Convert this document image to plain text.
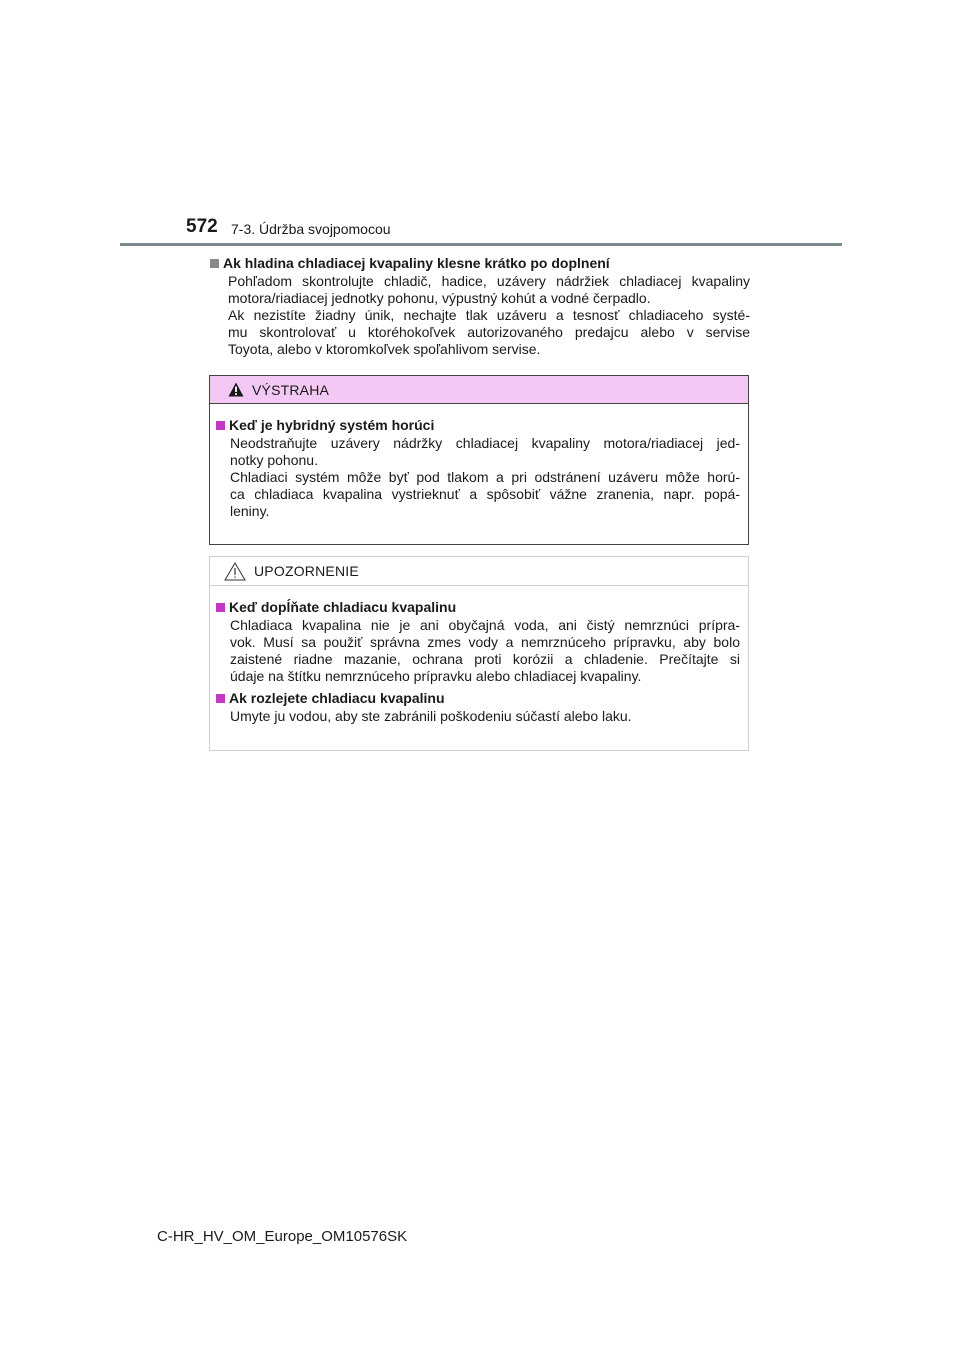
572 7-3. Údržba svojpomocou
Ak hladina chladiacej kvapaliny klesne krátko po doplnení
Pohľadom skontrolujte chladič, hadice, uzávery nádržiek chladiacej kvapaliny
motora/riadiacej jednotky pohonu, výpustný kohút a vodné čerpadlo.
Ak nezistíte žiadny únik, nechajte tlak uzáveru a tesnosť chladiaceho systé-
mu skontrolovať u ktoréhokoľvek autorizovaného predajcu alebo v servise
Toyota, alebo v ktoromkoľvek spoľahlivom servise.
VÝSTRAHA
Keď je hybridný systém horúci
Neodstraňujte uzávery nádržky chladiacej kvapaliny motora/riadiacej jed-
notky pohonu.
Chladiaci systém môže byť pod tlakom a pri odstránení uzáveru môže horú-
ca chladiaca kvapalina vystrieknuť a spôsobiť vážne zranenia, napr. popá-
leniny.
UPOZORNENIE
Keď dopĺňate chladiacu kvapalinu
Chladiaca kvapalina nie je ani obyčajná voda, ani čistý nemrznúci prípra-
vok. Musí sa použiť správna zmes vody a nemrznúceho prípravku, aby bolo
zaistené riadne mazanie, ochrana proti korózii a chladenie. Prečítajte si
údaje na štítku nemrznúceho prípravku alebo chladiacej kvapaliny.
Ak rozlejete chladiacu kvapalinu
Umyte ju vodou, aby ste zabránili poškodeniu súčastí alebo laku.
C-HR_HV_OM_Europe_OM10576SK
